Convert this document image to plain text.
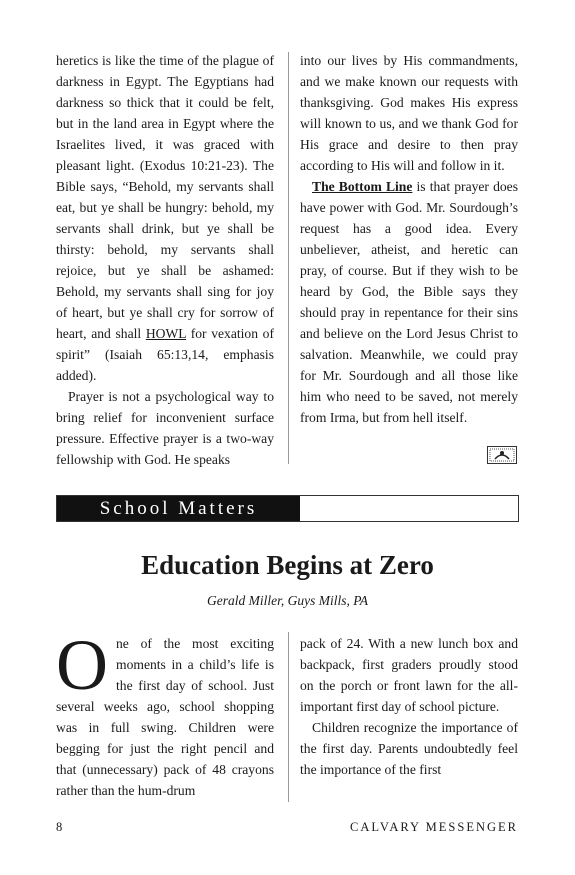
heretics is like the time of the plague of darkness in Egypt. The Egyptians had darkness so thick that it could be felt, but in the land area in Egypt where the Israelites lived, it was graced with pleasant light. (Exodus 10:21-23). The Bible says, “Behold, my servants shall eat, but ye shall be hungry: behold, my servants shall drink, but ye shall be thirsty: behold, my servants shall rejoice, but ye shall be ashamed: Behold, my servants shall sing for joy of heart, but ye shall cry for sorrow of heart, and shall HOWL for vexation of spirit” (Isaiah 65:13,14, emphasis added).

Prayer is not a psychological way to bring relief for inconvenient surface pressure. Effective prayer is a two-way fellowship with God. He speaks

into our lives by His commandments, and we make known our requests with thanksgiving. God makes His express will known to us, and we thank God for His grace and desire to then pray according to His will and follow in it.

The Bottom Line is that prayer does have power with God. Mr. Sourdough’s request has a good idea. Every unbeliever, atheist, and heretic can pray, of course. But if they wish to be heard by God, the Bible says they should pray in repentance for their sins and believe on the Lord Jesus Christ to salvation. Meanwhile, we could pray for Mr. Sourdough and all those like him who need to be saved, not merely from Irma, but from hell itself.

School Matters
Education Begins at Zero

Gerald Miller, Guys Mills, PA

One of the most exciting moments in a child’s life is the first day of school. Just several weeks ago, school shopping was in full swing. Children were begging for just the right pencil and that (unnecessary) pack of 48 crayons rather than the hum-drum

pack of 24. With a new lunch box and backpack, first graders proudly stood on the porch or front lawn for the all-important first day of school picture.

Children recognize the importance of the first day. Parents undoubtedly feel the importance of the first

8	CALVARY MESSENGER
